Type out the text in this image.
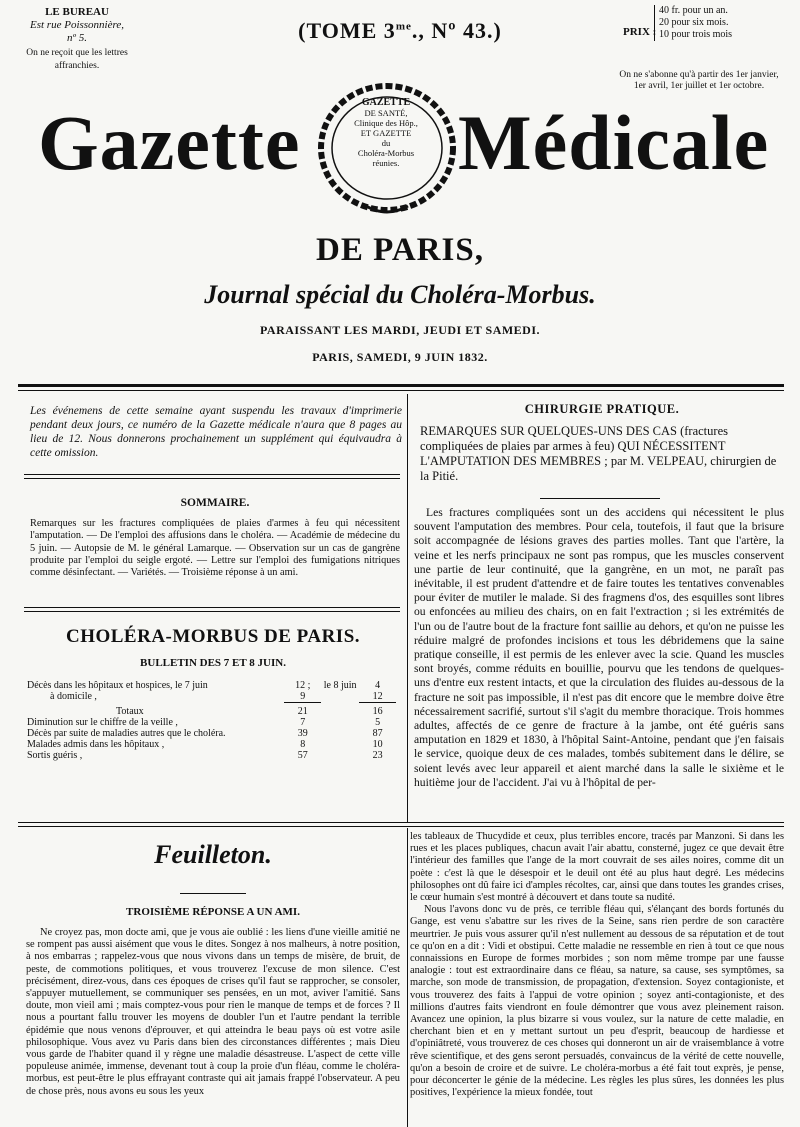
LE BUREAU
Est rue Poissonnière,
nº 5.
On ne reçoit que les lettres affranchies.
(TOME $3^{me}$., Nº 43.)	PRIX :
40 fr. pour un an.
20 pour six mois.
10 pour trois mois
On ne s'abonne qu'à partir des 1er janvier, 1er avril, 1er juillet et 1er octobre.
Gazette Médicale
GAZETTE
DE SANTÉ,
Clinique des Hôp.,
ET GAZETTE
du
Choléra-Morbus
réunies.
DE PARIS,
Journal spécial du Choléra-Morbus.
PARAISSANT LES MARDI, JEUDI ET SAMEDI.
PARIS, SAMEDI, 9 JUIN 1832.
Les événemens de cette semaine ayant suspendu les travaux d'imprimerie pendant deux jours, ce numéro de la Gazette médicale n'aura que 8 pages au lieu de 12. Nous donnerons prochainement un supplément qui équivaudra à cette omission.
SOMMAIRE.
Remarques sur les fractures compliquées de plaies d'armes à feu qui nécessitent l'amputation. — De l'emploi des affusions dans le choléra. — Académie de médecine du 5 juin. — Autopsie de M. le général Lamarque. — Observation sur un cas de gangrène produite par l'emploi du seigle ergoté. — Lettre sur l'emploi des fumigations nitriques comme désinfectant. — Variétés. — Troisième réponse à un ami.
CHOLÉRA-MORBUS DE PARIS.
BULLETIN DES 7 ET 8 JUIN.
Décès dans les hôpitaux et hospices, le 7 juin	12 ;	le 8 juin	4
à domicile ,	9		12
Totaux	21		16
Diminution sur le chiffre de la veille ,	7		5
Décès par suite de maladies autres que le choléra.	39		87
Malades admis dans les hôpitaux ,	8		10
Sortis guéris ,	57		23
CHIRURGIE PRATIQUE.
REMARQUES SUR QUELQUES-UNS DES CAS (fractures compliquées de plaies par armes à feu) QUI NÉCESSITENT L'AMPUTATION DES MEMBRES ; par M. VELPEAU, chirurgien de la Pitié.
Les fractures compliquées sont un des accidens qui nécessitent le plus souvent l'amputation des membres. Pour cela, toutefois, il faut que la brisure soit accompagnée de lésions graves des parties molles. Tant que l'artère, la veine et les nerfs principaux ne sont pas rompus, que les muscles conservent une partie de leur continuité, que la gangrène, en un mot, ne paraît pas inévitable, il est prudent d'attendre et de faire toutes les tentatives convenables pour éviter de mutiler le malade. Si des fragmens d'os, des esquilles sont libres ou enfoncées au milieu des chairs, on en fait l'extraction ; si les extrémités de l'un ou de l'autre bout de la fracture font saillie au dehors, et qu'on ne puisse les réduire malgré de profondes incisions et tous les débridemens que la saine pratique conseille, il est permis de les enlever avec la scie. Quand les muscles sont broyés, comme réduits en bouillie, pourvu que les tendons de quelques-uns d'entre eux restent intacts, et que la circulation des fluides au-dessous de la fracture ne soit pas impossible, il n'est pas dit encore que le membre doive être nécessairement sacrifié, surtout s'il s'agit du membre thoracique. Trois hommes adultes, affectés de ce genre de fracture à la jambe, ont été guéris sans amputation en 1829 et 1830, à l'hôpital Saint-Antoine, pendant que j'en faisais le service, quoique deux de ces malades, tombés subitement dans le délire, se soient levés avec leur appareil et aient marché dans la salle le sixième et le huitième jour de l'accident. J'ai vu à l'hôpital de per-
Feuilleton.
TROISIÈME RÉPONSE A UN AMI.
Ne croyez pas, mon docte ami, que je vous aie oublié : les liens d'une vieille amitié ne se rompent pas aussi aisément que vous le dites. Songez à nos malheurs, à notre position, à nos embarras ; rappelez-vous que nous vivons dans un temps de misère, de bruit, de peste, de commotions politiques, et vous trouverez l'excuse de mon silence. C'est précisément, direz-vous, dans ces époques de crises qu'il faut se rapprocher, se consoler, s'appuyer mutuellement, se communiquer ses pensées, en un mot, aviver l'amitié. Sans doute, mon vieil ami ; mais comptez-vous pour rien le manque de temps et de forces ? Il nous a pourtant fallu trouver les moyens de doubler l'un et l'autre pendant la terrible épidémie que nous venons d'éprouver, et qui atteindra le beau pays où est votre asile philosophique. Vous avez vu Paris dans bien des circonstances différentes ; mais Dieu vous garde de l'habiter quand il y règne une maladie désastreuse. L'aspect de cette ville populeuse animée, immense, devenant tout à coup la proie d'un fléau, comme le choléra-morbus, est peut-être le plus effrayant contraste qui ait jamais frappé l'observateur. A peu de chose près, nous avons eu sous les yeux

les tableaux de Thucydide et ceux, plus terribles encore, tracés par Manzoni. Si dans les rues et les places publiques, chacun avait l'air abattu, consterné, jugez ce que devait être l'intérieur des familles que l'ange de la mort couvrait de ses ailes noires, comme dit un poète : c'est là que le désespoir et le deuil ont été au plus haut degré. Les médecins philosophes ont dû faire ici d'amples récoltes, car, ainsi que dans toutes les grandes crises, le cœur humain s'est montré à découvert et dans toute sa nudité.

Nous l'avons donc vu de près, ce terrible fléau qui, s'élançant des bords fortunés du Gange, est venu s'abattre sur les rives de la Seine, sans rien perdre de son caractère meurtrier. Je puis vous assurer qu'il n'est nullement au dessous de sa réputation et de tout ce qu'on en a dit : Vidi et obstipui. Cette maladie ne ressemble en rien à tout ce que nous connaissions en Europe de formes morbides ; son nom même trompe par une fausse analogie : tout est extraordinaire dans ce fléau, sa nature, sa cause, ses symptômes, sa marche, son mode de transmission, de propagation, d'extension. Soyez contagioniste, et vous trouverez des faits à l'appui de votre opinion ; soyez anti-contagioniste, et des millions d'autres faits viendront en foule démontrer que vous avez pleinement raison. Avancez une opinion, la plus bizarre si vous voulez, sur la nature de cette maladie, en cherchant bien et en y mettant surtout un peu d'esprit, beaucoup de hardiesse et d'opiniâtreté, vous trouverez de ces choses qui donneront un air de vraisemblance à votre rêve scientifique, et des gens seront persuadés, convaincus de la vérité de cette nouvelle, qu'on a besoin de croire et de suivre. Le choléra-morbus a été fait tout exprès, je pense, pour déconcerter le génie de la médecine. Les règles les plus sûres, les données les plus positives, l'expérience la mieux fondée, tout
